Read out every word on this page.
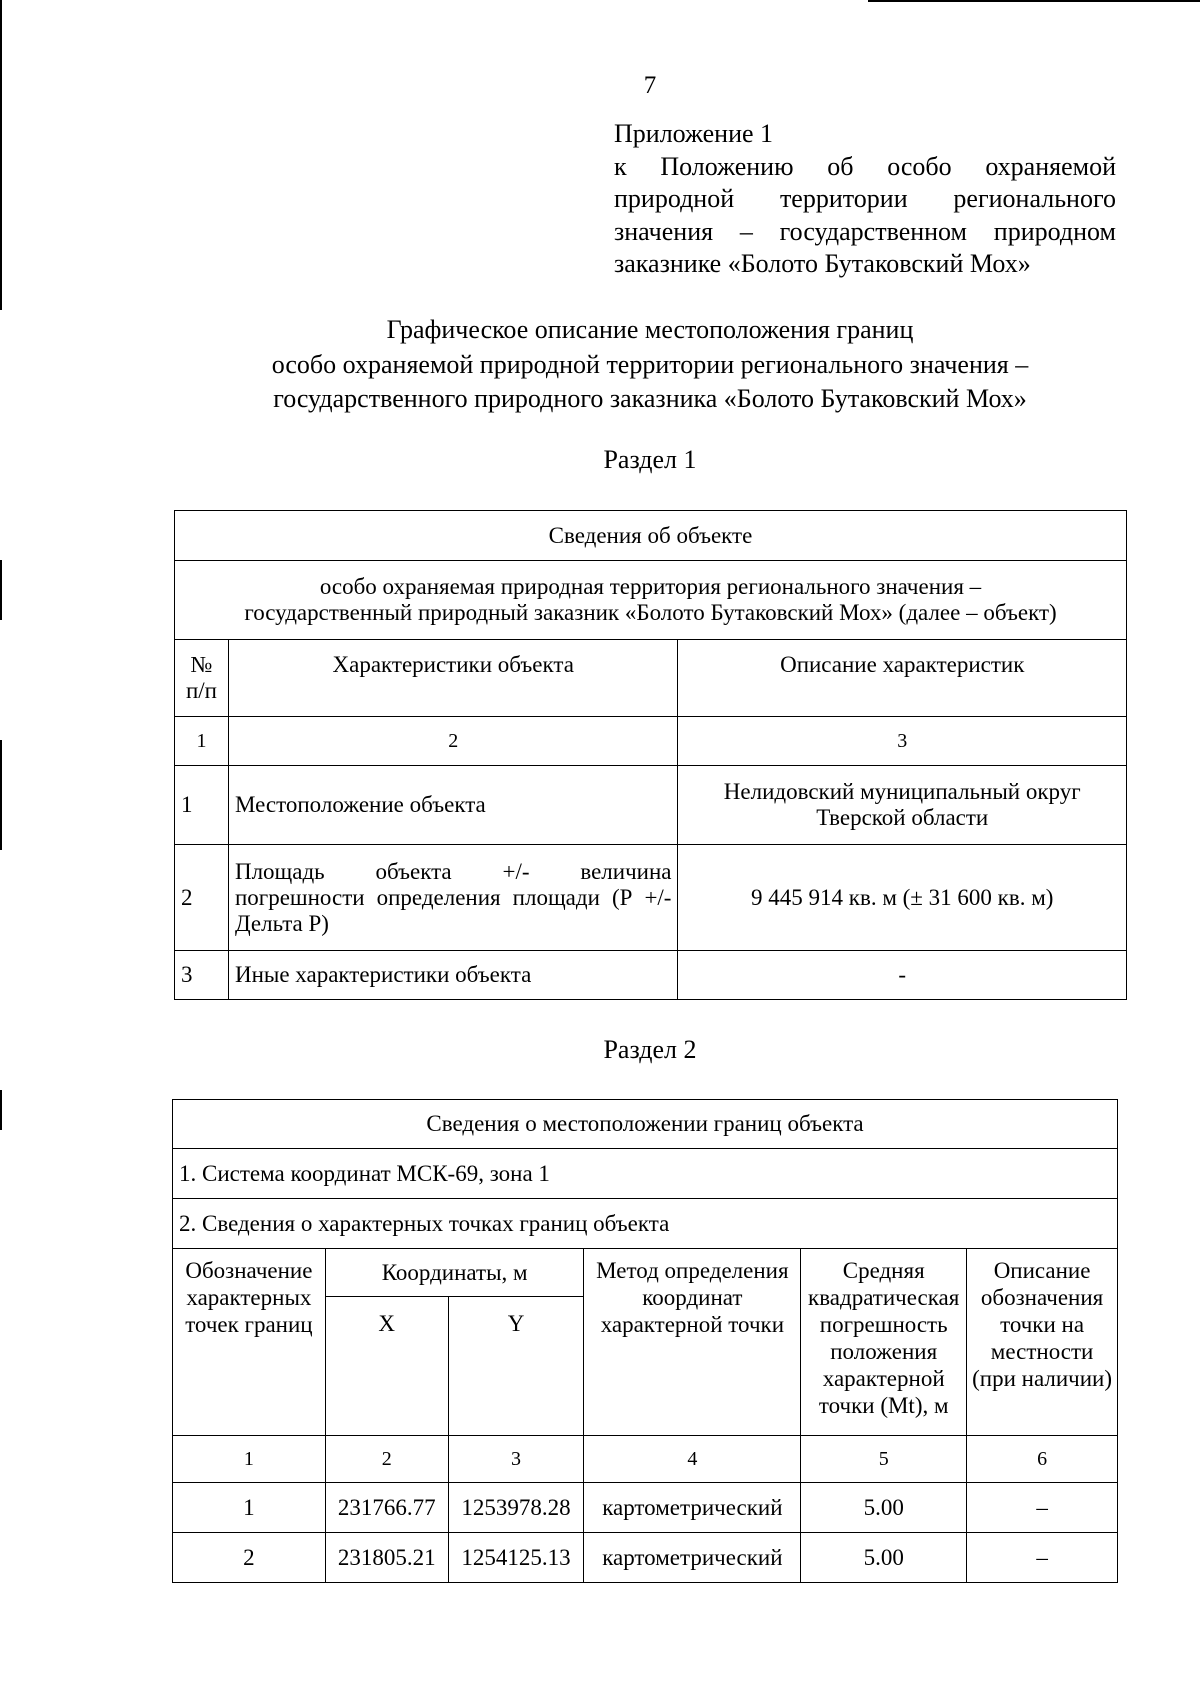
7
Приложение 1
к Положению об особо охраняемой природной территории регионального значения – государственном природном заказнике «Болото Бутаковский Мох»
Графическое описание местоположения границ
особо охраняемой природной территории регионального значения –
государственного природного заказника «Болото Бутаковский Мох»
Раздел 1
Сведения об объекте		

особо охраняемая природная территория регионального значения –
государственный природный заказник «Болото Бутаковский Мох» (далее – объект)		

№ п/п	Характеристики объекта	Описание характеристик
1	2	3
1	Местоположение объекта	Нелидовский муниципальный округ Тверской области
2	Площадь объекта +/- величина погрешности определения площади (Р +/- Дельта Р)	9 445 914 кв. м (± 31 600 кв. м)
3	Иные характеристики объекта	-
Раздел 2
Сведения о местоположении границ объекта					
1. Система координат МСК-69, зона 1					
2. Сведения о характерных точках границ объекта					
Обозначение характерных точек границ	Координаты, м		Метод определения координат характерной точки	Средняя квадратическая погрешность положения характерной точки (Mt), м	Описание обозначения точки на местности (при наличии)
	X	Y			
1	2	3	4	5	6
1	231766.77	1253978.28	картометрический	5.00	–
2	231805.21	1254125.13	картометрический	5.00	–
